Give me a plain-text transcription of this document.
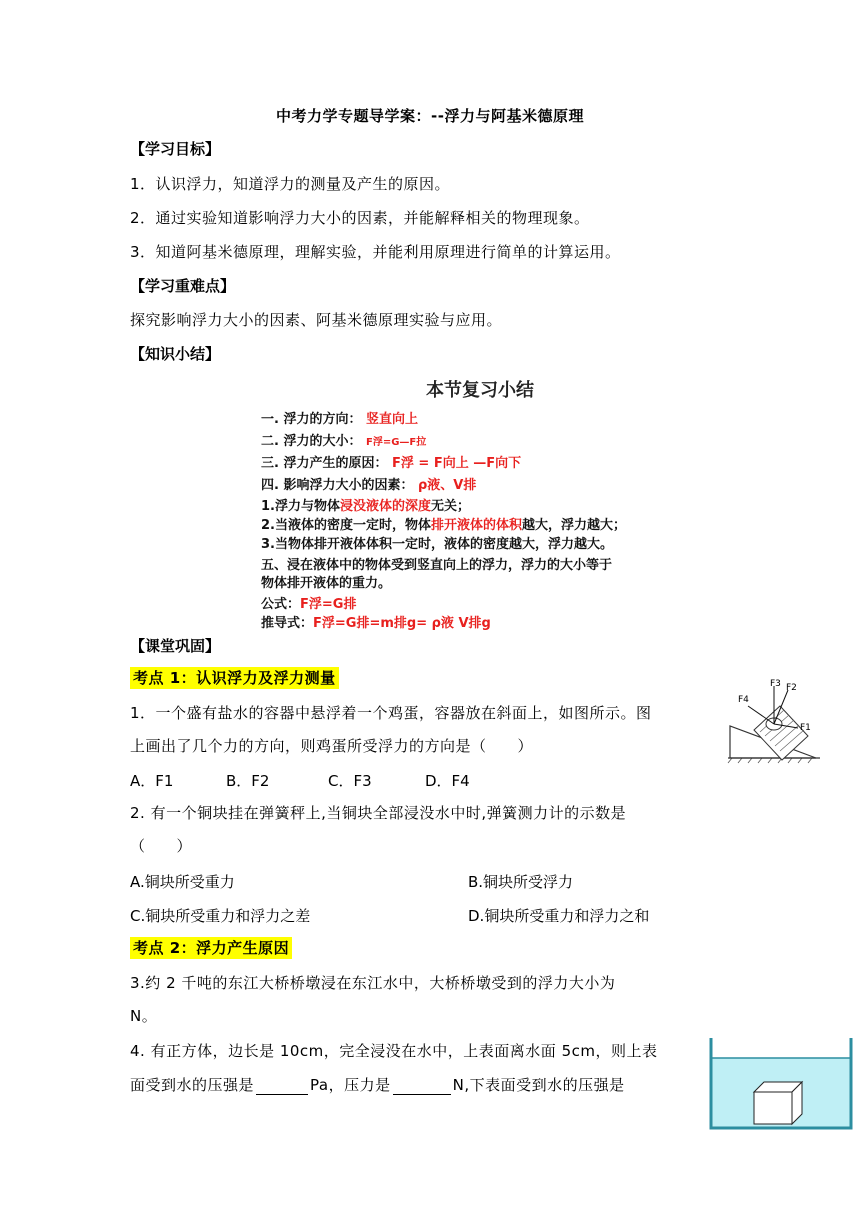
中考力学专题导学案：--浮力与阿基米德原理
【学习目标】
1．认识浮力，知道浮力的测量及产生的原因。
2．通过实验知道影响浮力大小的因素，并能解释相关的物理现象。
3．知道阿基米德原理，理解实验，并能利用原理进行简单的计算运用。
【学习重难点】
探究影响浮力大小的因素、阿基米德原理实验与应用。
【知识小结】
本节复习小结
一. 浮力的方向： 竖直向上
二. 浮力的大小： F浮=G—F拉
三. 浮力产生的原因： F浮 = F向上 —F向下
四. 影响浮力大小的因素： ρ液、V排
1.浮力与物体浸没液体的深度无关；
2.当液体的密度一定时，物体排开液体的体积越大，浮力越大；
3.当物体排开液体体积一定时，液体的密度越大，浮力越大。
五、浸在液体中的物体受到竖直向上的浮力，浮力的大小等于
物体排开液体的重力。
公式：F浮=G排
推导式：F浮=G排=m排g= ρ液 V排g
【课堂巩固】
考点 1：认识浮力及浮力测量
1．一个盛有盐水的容器中悬浮着一个鸡蛋，容器放在斜面上，如图所示。图
上画出了几个力的方向，则鸡蛋所受浮力的方向是（　　）
A．F1	B．F2	C．F3	D．F4
F4
F3 F2
F1
2. 有一个铜块挂在弹簧秤上,当铜块全部浸没水中时,弹簧测力计的示数是
（　　）
A.铜块所受重力	B.铜块所受浮力
C.铜块所受重力和浮力之差	D.铜块所受重力和浮力之和
考点 2：浮力产生原因
3.约 2 千吨的东江大桥桥墩浸在东江水中，大桥桥墩受到的浮力大小为
N。
4. 有正方体，边长是 10cm，完全浸没在水中，上表面离水面 5cm，则上表
面受到水的压强是	Pa，压力是	N,下表面受到水的压强是
